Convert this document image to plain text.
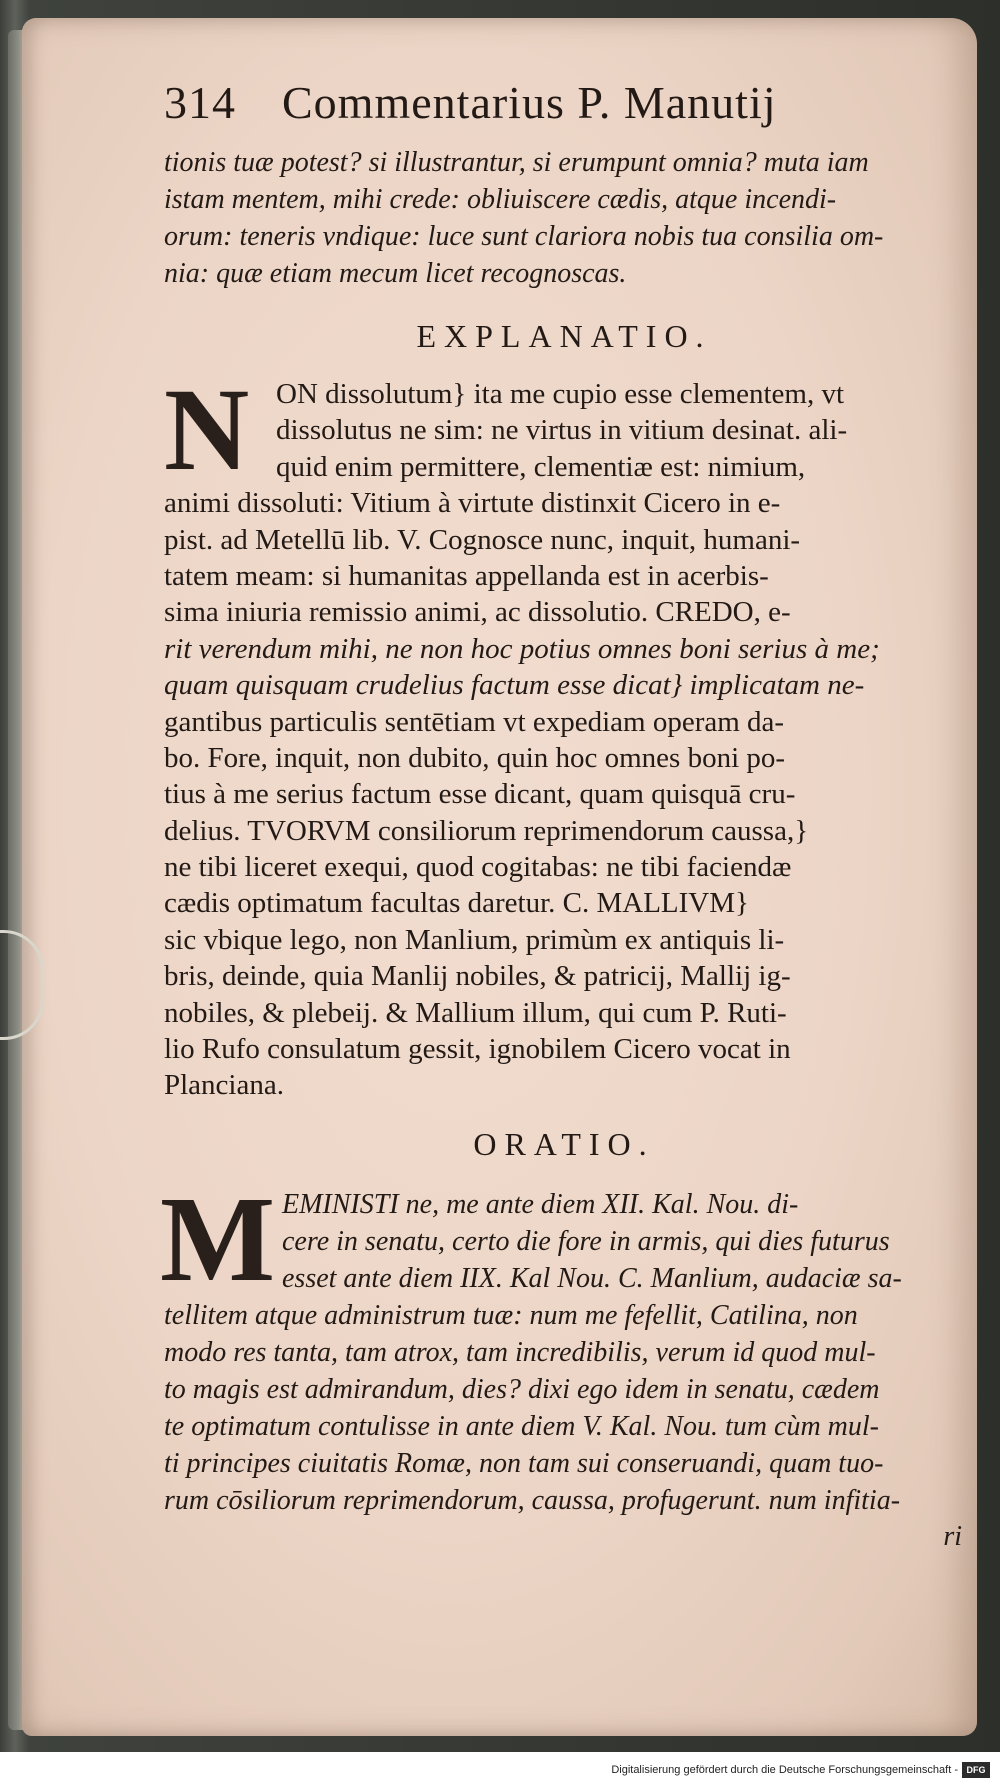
314	Commentarius P. Manutij
tionis tuæ potest? si illustrantur, si erumpunt omnia? muta iam
istam mentem, mihi crede: obliuiscere cædis, atque incendi-
orum: teneris vndique: luce sunt clariora nobis tua consilia om-
nia: quæ etiam mecum licet recognoscas.
EXPLANATIO.
N ON dissolutum} ita me cupio esse clementem, vt
dissolutus ne sim: ne virtus in vitium desinat. ali-
quid enim permittere, clementiæ est: nimium,
animi dissoluti: Vitium à virtute distinxit Cicero in e-
pist. ad Metellū lib. V. Cognosce nunc, inquit, humani-
tatem meam: si humanitas appellanda est in acerbis-
sima iniuria remissio animi, ac dissolutio. CREDO, e-
rit verendum mihi, ne non hoc potius omnes boni serius à me;
quam quisquam crudelius factum esse dicat} implicatam ne-
gantibus particulis sentētiam vt expediam operam da-
bo. Fore, inquit, non dubito, quin hoc omnes boni po-
tius à me serius factum esse dicant, quam quisquā cru-
delius. TVORVM consiliorum reprimendorum caussa,}
ne tibi liceret exequi, quod cogitabas: ne tibi faciendæ
cædis optimatum facultas daretur. C. MALLIVM}
sic vbique lego, non Manlium, primùm ex antiquis li-
bris, deinde, quia Manlij nobiles, & patricij, Mallij ig-
nobiles, & plebeij. & Mallium illum, qui cum P. Ruti-
lio Rufo consulatum gessit, ignobilem Cicero vocat in
Planciana.
ORATIO.
M EMINISTI ne, me ante diem XII. Kal. Nou. di-
cere in senatu, certo die fore in armis, qui dies futurus
esset ante diem IIX. Kal Nou. C. Manlium, audaciæ sa-
tellitem atque administrum tuæ: num me fefellit, Catilina, non
modo res tanta, tam atrox, tam incredibilis, verum id quod mul-
to magis est admirandum, dies? dixi ego idem in senatu, cædem
te optimatum contulisse in ante diem V. Kal. Nou. tum cùm mul-
ti principes ciuitatis Romæ, non tam sui conseruandi, quam tuo-
rum cōsiliorum reprimendorum, caussa, profugerunt. num infitia-
ri
Digitalisierung gefördert durch die Deutsche Forschungsgemeinschaft - DFG
